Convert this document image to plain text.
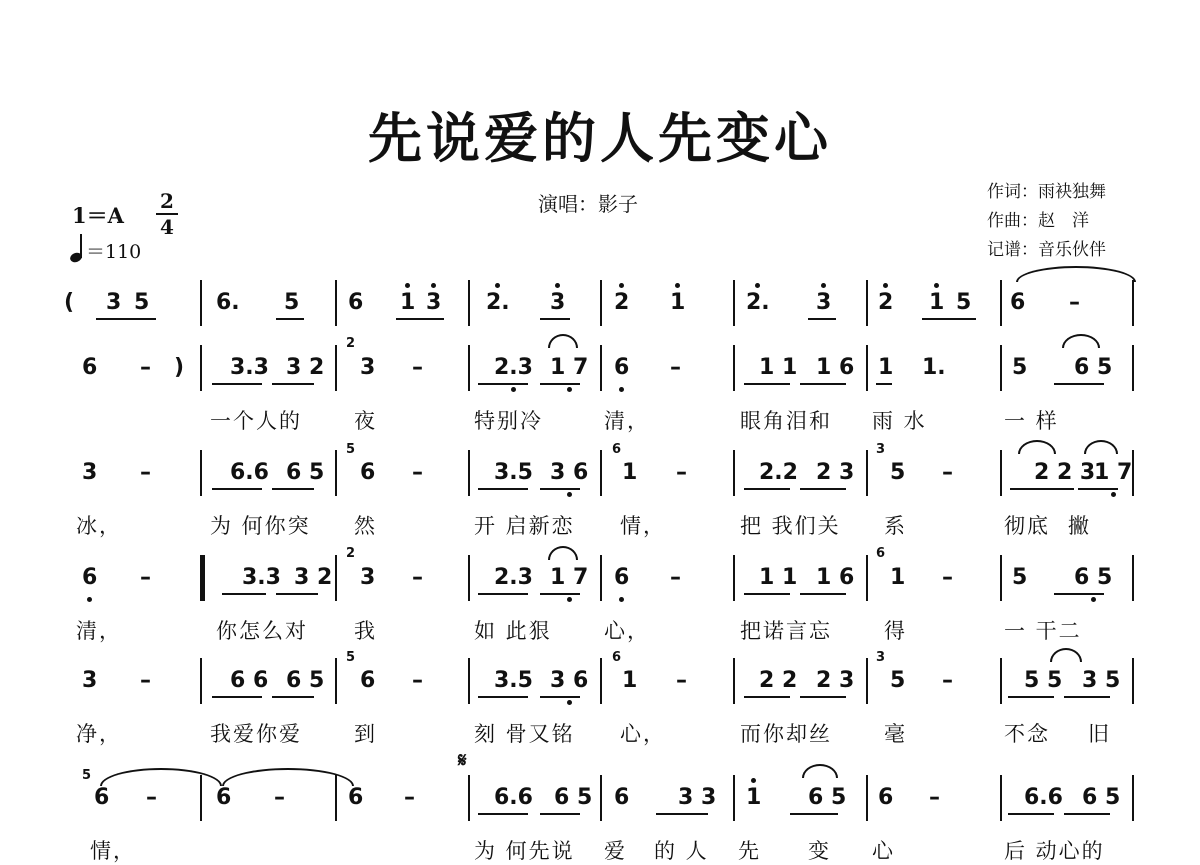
先说爱的人先变心
演唱：影子	作词：雨袂独舞
作曲：赵　洋
记谱：音乐伙伴
1＝A
2
4
＝110
( 3 5	6. 5 6 1 3 2. 3 2 1	2. 3 2 1 5 6 –
6 – ) 3.3 3 2 3 –	2.3 1 7 6 –	1 1 1 6 1 1.	5 6 5
一个人的 夜	特别冷	清，	眼角泪和 雨 水	一 样
3 –	6.6 6 5 6 –	3.5 3 6 1 –	2.2 2 3 5 –	2 2 3
1 7
冰，	为 何你突 然	开 启新恋 情，	把 我们关 系	彻底 撇
6 –	3.3 3 2 3 –	2.3 1 7 6 –	1 1 1 6 1 –	5 6 5
清，	你怎么对 我	如 此狠 心，	把诺言忘 得	一 干二
3 –	6 6 6 5 6 –	3.5 3 6 1 –	2 2 2 3 5 –	5 5 3 5
净，	我爱你爱 到	刻 骨又铭 心，	而你却丝 毫	不念 旧
6 –	6 –	6 –	6.6 6 5 6 3 3 1 6 5 6 –	6.6 6 5
情，	为 何先说 爱 的 人 先 变 心	后 动心的
2
5	6	3
2	6
5	6	3
5
𝄋
